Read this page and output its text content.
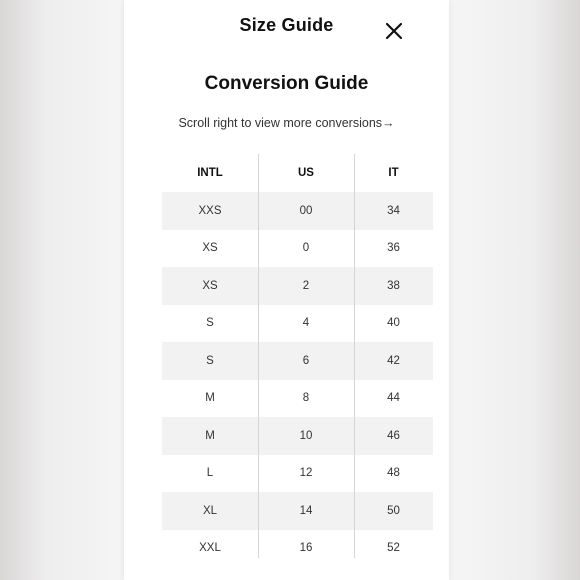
Size Guide
Conversion Guide
Scroll right to view more conversions→
INTL	US	IT
XXS	00	34
XS	0	36
XS	2	38
S	4	40
S	6	42
M	8	44
M	10	46
L	12	48
XL	14	50
XXL	16	52
